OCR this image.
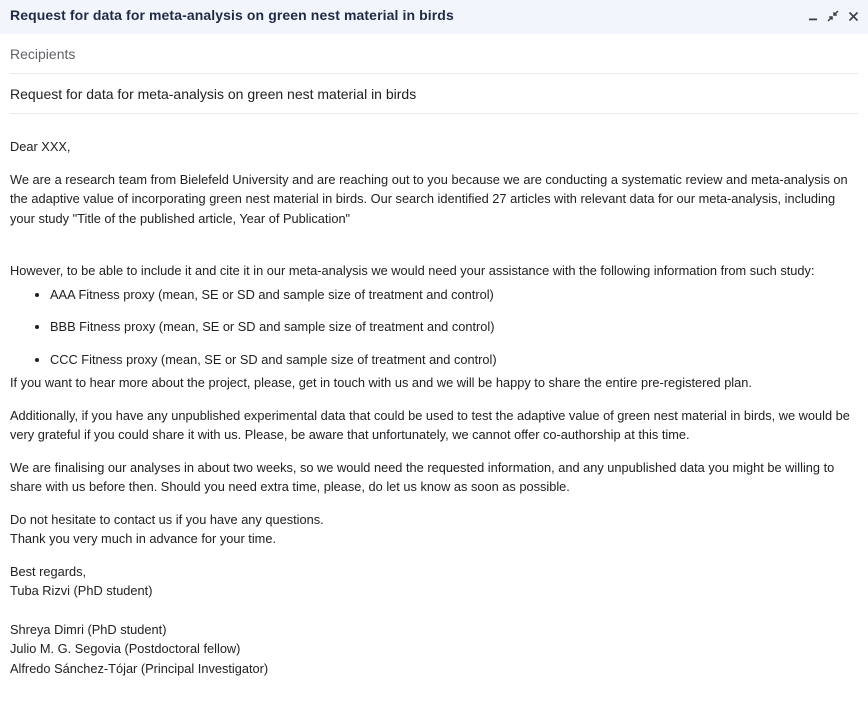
Request for data for meta-analysis on green nest material in birds
Recipients
Request for data for meta-analysis on green nest material in birds

Dear XXX,

We are a research team from Bielefeld University and are reaching out to you because we are conducting a systematic review and meta-analysis on the adaptive value of incorporating green nest material in birds. Our search identified 27 articles with relevant data for our meta-analysis, including your study "Title of the published article, Year of Publication"

However, to be able to include it and cite it in our meta-analysis we would need your assistance with the following information from such study:

• AAA Fitness proxy (mean, SE or SD and sample size of treatment and control)
• BBB Fitness proxy (mean, SE or SD and sample size of treatment and control)
• CCC Fitness proxy (mean, SE or SD and sample size of treatment and control)

If you want to hear more about the project, please, get in touch with us and we will be happy to share the entire pre-registered plan.

Additionally, if you have any unpublished experimental data that could be used to test the adaptive value of green nest material in birds, we would be very grateful if you could share it with us. Please, be aware that unfortunately, we cannot offer co-authorship at this time.

We are finalising our analyses in about two weeks, so we would need the requested information, and any unpublished data you might be willing to share with us before then. Should you need extra time, please, do let us know as soon as possible.

Do not hesitate to contact us if you have any questions.

Thank you very much in advance for your time.

Best regards,

Tuba Rizvi (PhD student)

Shreya Dimri (PhD student)

Julio M. G. Segovia (Postdoctoral fellow)

Alfredo Sánchez-Tójar (Principal Investigator)
